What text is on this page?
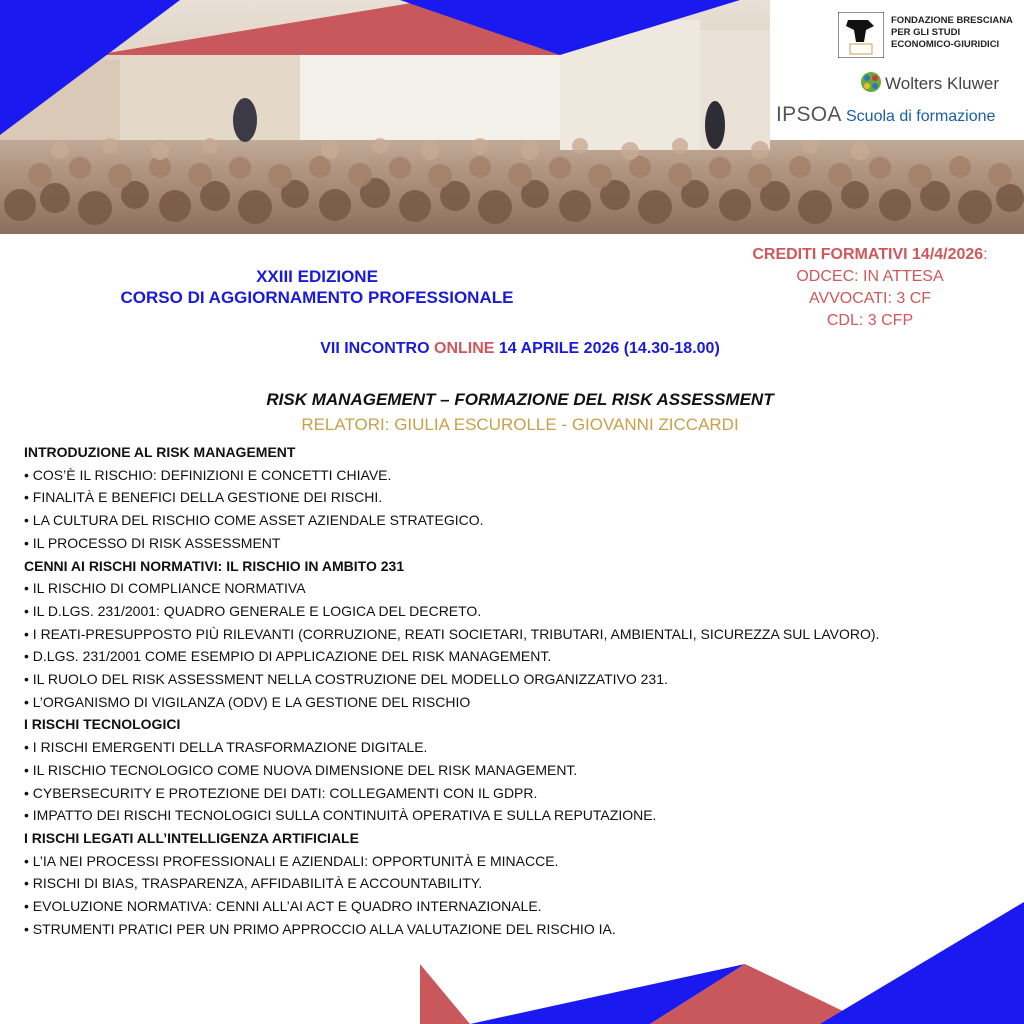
FONDAZIONE BRESCIANA
PER GLI STUDI
ECONOMICO-GIURIDICI
Wolters Kluwer
IPSOA Scuola di formazione
XXIII EDIZIONE
CORSO DI AGGIORNAMENTO PROFESSIONALE
CREDITI FORMATIVI 14/4/2026:
ODCEC: IN ATTESA
AVVOCATI: 3 CF
CDL: 3 CFP
VII INCONTRO ONLINE 14 APRILE 2026 (14.30-18.00)
RISK MANAGEMENT – FORMAZIONE DEL RISK ASSESSMENT
RELATORI: GIULIA ESCUROLLE - GIOVANNI ZICCARDI
INTRODUZIONE AL RISK MANAGEMENT
• COS’È IL RISCHIO: DEFINIZIONI E CONCETTI CHIAVE.
• FINALITÀ E BENEFICI DELLA GESTIONE DEI RISCHI.
• LA CULTURA DEL RISCHIO COME ASSET AZIENDALE STRATEGICO.
• IL PROCESSO DI RISK ASSESSMENT
CENNI AI RISCHI NORMATIVI: IL RISCHIO IN AMBITO 231
• IL RISCHIO DI COMPLIANCE NORMATIVA
• IL D.LGS. 231/2001: QUADRO GENERALE E LOGICA DEL DECRETO.
• I REATI-PRESUPPOSTO PIÙ RILEVANTI (CORRUZIONE, REATI SOCIETARI, TRIBUTARI, AMBIENTALI, SICUREZZA SUL LAVORO).
• D.LGS. 231/2001 COME ESEMPIO DI APPLICAZIONE DEL RISK MANAGEMENT.
• IL RUOLO DEL RISK ASSESSMENT NELLA COSTRUZIONE DEL MODELLO ORGANIZZATIVO 231.
• L’ORGANISMO DI VIGILANZA (ODV) E LA GESTIONE DEL RISCHIO
I RISCHI TECNOLOGICI
• I RISCHI EMERGENTI DELLA TRASFORMAZIONE DIGITALE.
• IL RISCHIO TECNOLOGICO COME NUOVA DIMENSIONE DEL RISK MANAGEMENT.
• CYBERSECURITY E PROTEZIONE DEI DATI: COLLEGAMENTI CON IL GDPR.
• IMPATTO DEI RISCHI TECNOLOGICI SULLA CONTINUITÀ OPERATIVA E SULLA REPUTAZIONE.
I RISCHI LEGATI ALL’INTELLIGENZA ARTIFICIALE
• L’IA NEI PROCESSI PROFESSIONALI E AZIENDALI: OPPORTUNITÀ E MINACCE.
• RISCHI DI BIAS, TRASPARENZA, AFFIDABILITÀ E ACCOUNTABILITY.
• EVOLUZIONE NORMATIVA: CENNI ALL’AI ACT E QUADRO INTERNAZIONALE.
• STRUMENTI PRATICI PER UN PRIMO APPROCCIO ALLA VALUTAZIONE DEL RISCHIO IA.
